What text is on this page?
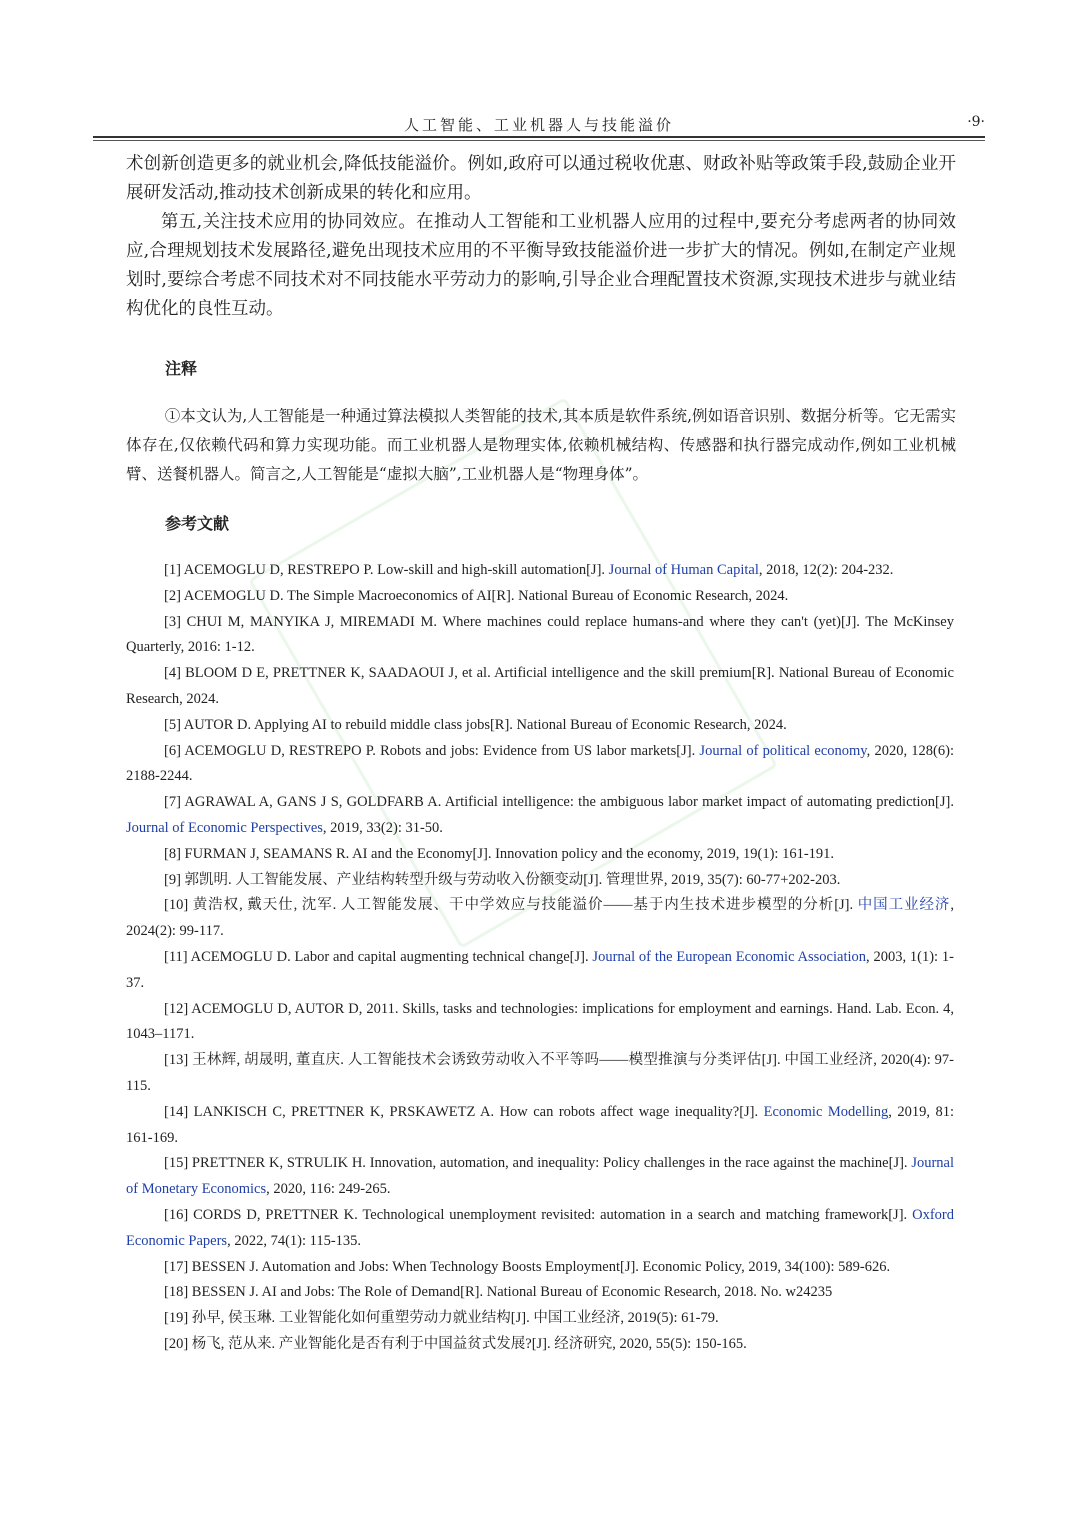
人工智能、工业机器人与技能溢价	·9·

术创新创造更多的就业机会,降低技能溢价。例如,政府可以通过税收优惠、财政补贴等政策手段,鼓励企业开展研发活动,推动技术创新成果的转化和应用。

第五,关注技术应用的协同效应。在推动人工智能和工业机器人应用的过程中,要充分考虑两者的协同效应,合理规划技术发展路径,避免出现技术应用的不平衡导致技能溢价进一步扩大的情况。例如,在制定产业规划时,要综合考虑不同技术对不同技能水平劳动力的影响,引导企业合理配置技术资源,实现技术进步与就业结构优化的良性互动。

注释

①本文认为,人工智能是一种通过算法模拟人类智能的技术,其本质是软件系统,例如语音识别、数据分析等。它无需实体存在,仅依赖代码和算力实现功能。而工业机器人是物理实体,依赖机械结构、传感器和执行器完成动作,例如工业机械臂、送餐机器人。简言之,人工智能是“虚拟大脑”,工业机器人是“物理身体”。

参考文献

[1] ACEMOGLU D, RESTREPO P. Low-skill and high-skill automation[J]. Journal of Human Capital, 2018, 12(2): 204-232.

[2] ACEMOGLU D. The Simple Macroeconomics of AI[R]. National Bureau of Economic Research, 2024.

[3] CHUI M, MANYIKA J, MIREMADI M. Where machines could replace humans-and where they can't (yet)[J]. The McKinsey Quarterly, 2016: 1-12.

[4] BLOOM D E, PRETTNER K, SAADAOUI J, et al. Artificial intelligence and the skill premium[R]. National Bureau of Economic Research, 2024.

[5] AUTOR D. Applying AI to rebuild middle class jobs[R]. National Bureau of Economic Research, 2024.

[6] ACEMOGLU D, RESTREPO P. Robots and jobs: Evidence from US labor markets[J]. Journal of political economy, 2020, 128(6): 2188-2244.

[7] AGRAWAL A, GANS J S, GOLDFARB A. Artificial intelligence: the ambiguous labor market impact of automating prediction[J]. Journal of Economic Perspectives, 2019, 33(2): 31-50.

[8] FURMAN J, SEAMANS R. AI and the Economy[J]. Innovation policy and the economy, 2019, 19(1): 161-191.

[9] 郭凯明. 人工智能发展、产业结构转型升级与劳动收入份额变动[J]. 管理世界, 2019, 35(7): 60-77+202-203.

[10] 黄浩权, 戴天仕, 沈军. 人工智能发展、干中学效应与技能溢价——基于内生技术进步模型的分析[J]. 中国工业经济, 2024(2): 99-117.

[11] ACEMOGLU D. Labor and capital augmenting technical change[J]. Journal of the European Economic Association, 2003, 1(1): 1-37.

[12] ACEMOGLU D, AUTOR D, 2011. Skills, tasks and technologies: implications for employment and earnings. Hand. Lab. Econ. 4, 1043–1171.

[13] 王林辉, 胡晟明, 董直庆. 人工智能技术会诱致劳动收入不平等吗——模型推演与分类评估[J]. 中国工业经济, 2020(4): 97-115.

[14] LANKISCH C, PRETTNER K, PRSKAWETZ A. How can robots affect wage inequality?[J]. Economic Modelling, 2019, 81: 161-169.

[15] PRETTNER K, STRULIK H. Innovation, automation, and inequality: Policy challenges in the race against the machine[J]. Journal of Monetary Economics, 2020, 116: 249-265.

[16] CORDS D, PRETTNER K. Technological unemployment revisited: automation in a search and matching framework[J]. Oxford Economic Papers, 2022, 74(1): 115-135.

[17] BESSEN J. Automation and Jobs: When Technology Boosts Employment[J]. Economic Policy, 2019, 34(100): 589-626.

[18] BESSEN J. AI and Jobs: The Role of Demand[R]. National Bureau of Economic Research, 2018. No. w24235

[19] 孙早, 侯玉琳. 工业智能化如何重塑劳动力就业结构[J]. 中国工业经济, 2019(5): 61-79.

[20] 杨飞, 范从来. 产业智能化是否有利于中国益贫式发展?[J]. 经济研究, 2020, 55(5): 150-165.
